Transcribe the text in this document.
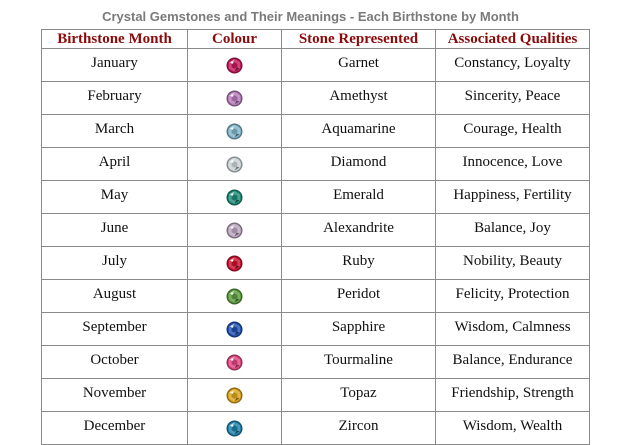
Crystal Gemstones and Their Meanings - Each Birthstone by Month
Birthstone Month	Colour	Stone Represented	Associated Qualities
January		Garnet	Constancy, Loyalty
February		Amethyst	Sincerity, Peace
March		Aquamarine	Courage, Health
April		Diamond	Innocence, Love
May		Emerald	Happiness, Fertility
June		Alexandrite	Balance, Joy
July		Ruby	Nobility, Beauty
August		Peridot	Felicity, Protection
September		Sapphire	Wisdom, Calmness
October		Tourmaline	Balance, Endurance
November		Topaz	Friendship, Strength
December		Zircon	Wisdom, Wealth
